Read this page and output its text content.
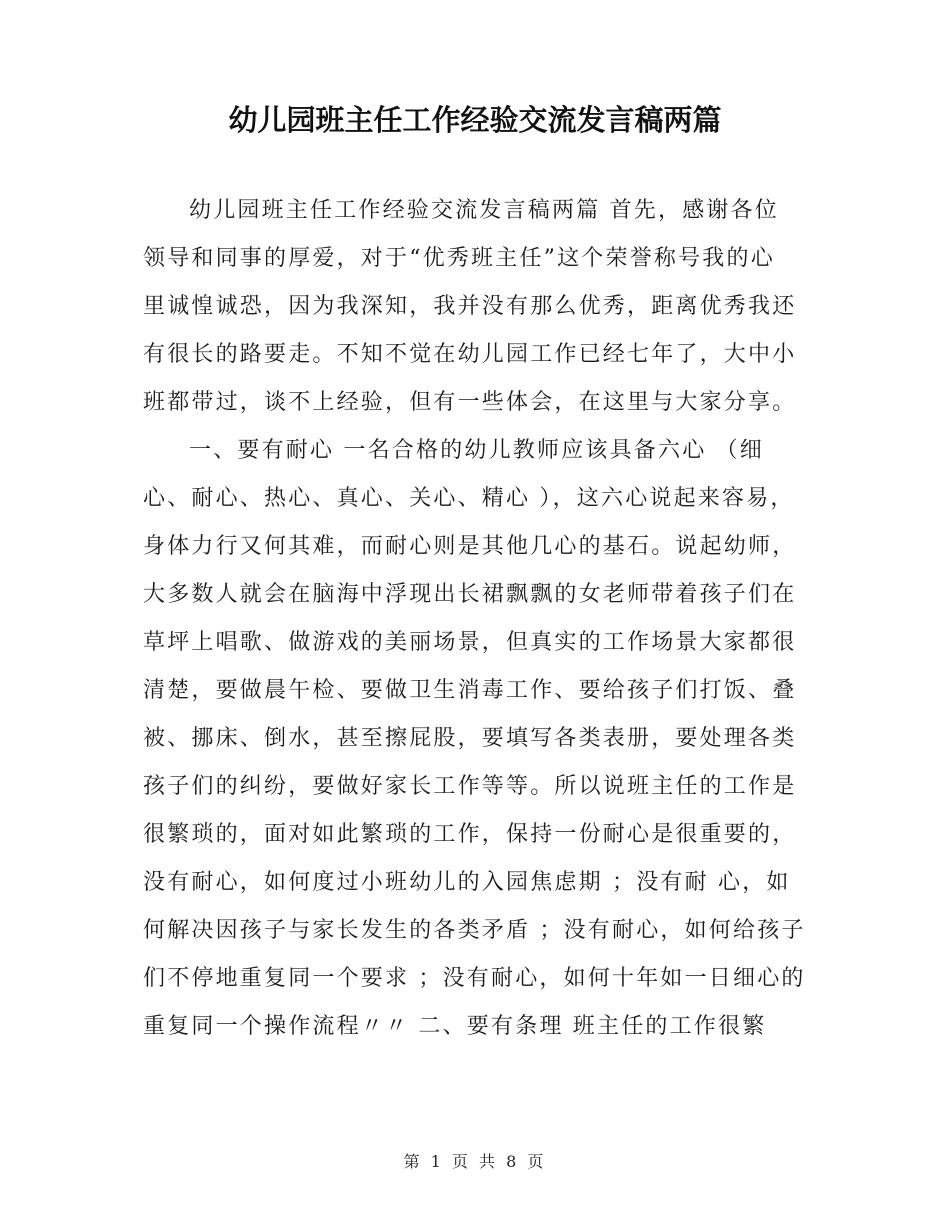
幼儿园班主任工作经验交流发言稿两篇
幼儿园班主任工作经验交流发言稿两篇 首先，感谢各位
领导和同事的厚爱，对于“优秀班主任”这个荣誉称号我的心
里诚惶诚恐，因为我深知，我并没有那么优秀，距离优秀我还
有很长的路要走。不知不觉在幼儿园工作已经七年了，大中小
班都带过，谈不上经验，但有一些体会，在这里与大家分享。
一、要有耐心 一名合格的幼儿教师应该具备六心 （细
心、耐心、热心、真心、关心、精心 ），这六心说起来容易，
身体力行又何其难，而耐心则是其他几心的基石。说起幼师，
大多数人就会在脑海中浮现出长裙飘飘的女老师带着孩子们在
草坪上唱歌、做游戏的美丽场景，但真实的工作场景大家都很
清楚，要做晨午检、要做卫生消毒工作、要给孩子们打饭、叠
被、挪床、倒水，甚至擦屁股，要填写各类表册，要处理各类
孩子们的纠纷，要做好家长工作等等。所以说班主任的工作是
很繁琐的，面对如此繁琐的工作，保持一份耐心是很重要的，
没有耐心，如何度过小班幼儿的入园焦虑期 ；没有耐 心，如
何解决因孩子与家长发生的各类矛盾 ；没有耐心，如何给孩子
们不停地重复同一个要求 ；没有耐心，如何十年如一日细心的
重复同一个操作流程〃〃 二、要有条理 班主任的工作很繁
第 1 页 共 8 页
